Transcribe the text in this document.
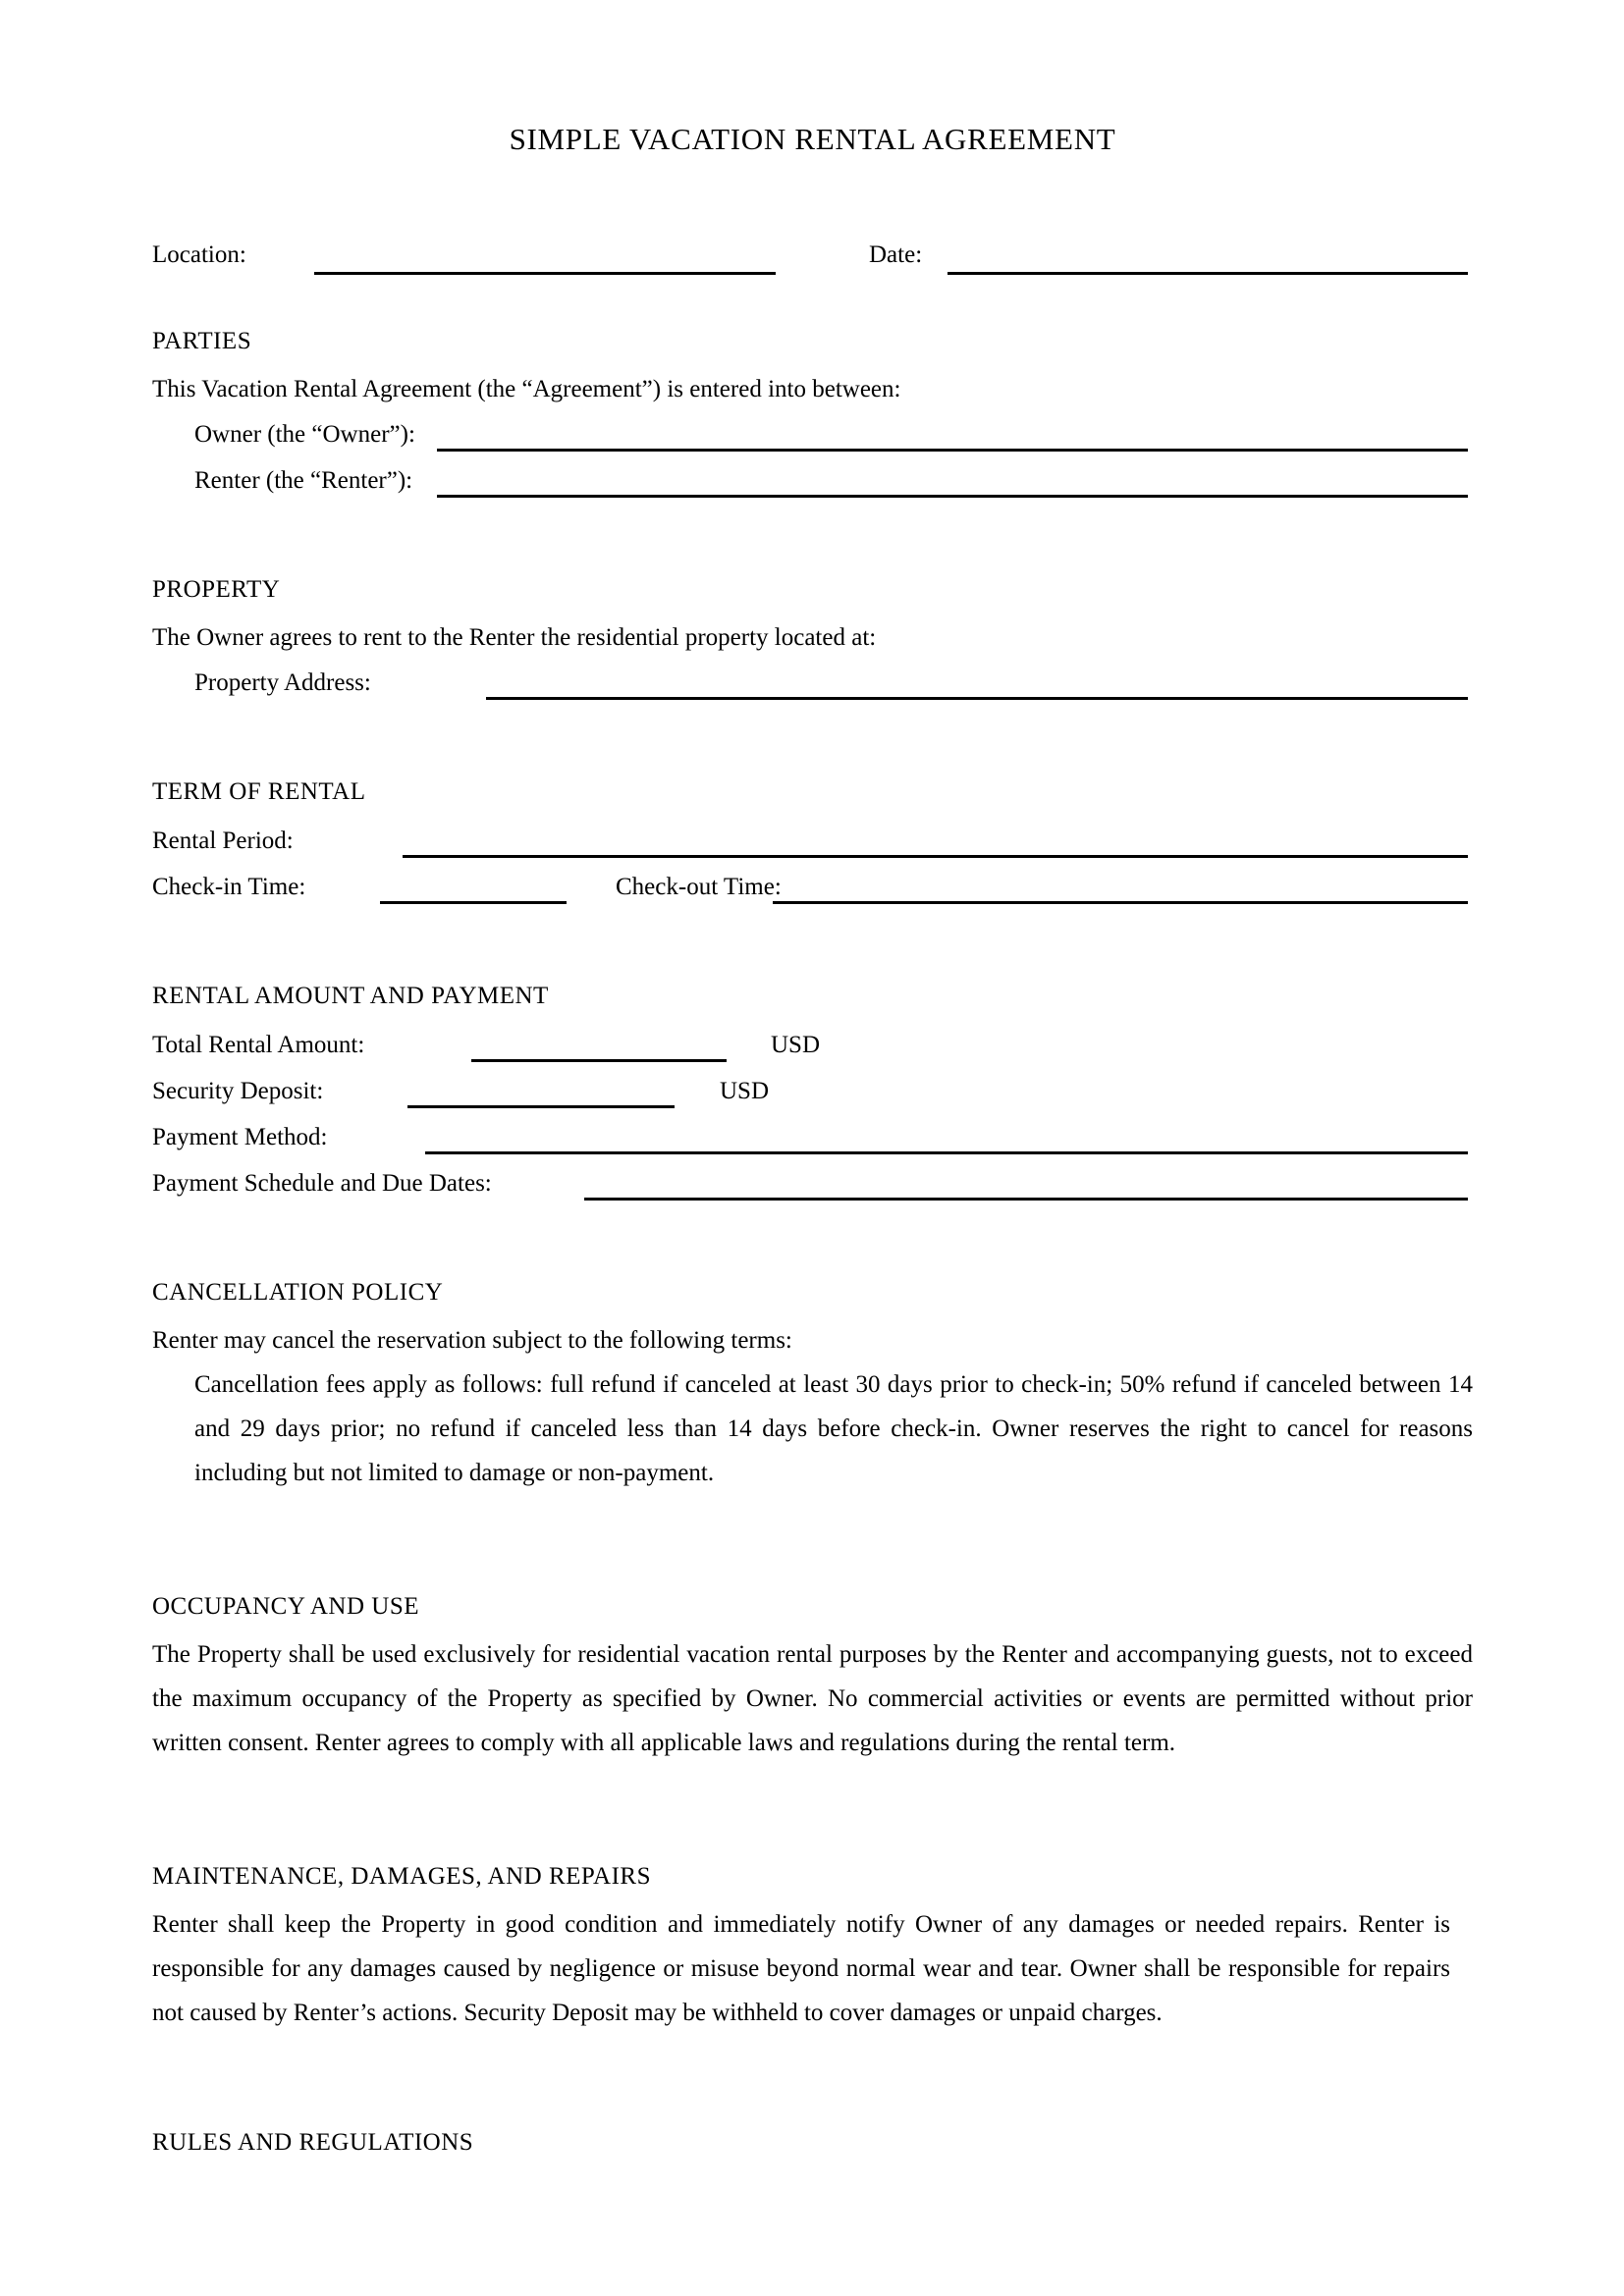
SIMPLE VACATION RENTAL AGREEMENT
Location:	Date:
PARTIES

This Vacation Rental Agreement (the “Agreement”) is entered into between:

Owner (the “Owner”):
Renter (the “Renter”):
PROPERTY

The Owner agrees to rent to the Renter the residential property located at:

Property Address:
TERM OF RENTAL
Rental Period:
Check-in Time:	Check-out Time:
RENTAL AMOUNT AND PAYMENT
Total Rental Amount:	USD
Security Deposit:	USD
Payment Method:
Payment Schedule and Due Dates:
CANCELLATION POLICY

Renter may cancel the reservation subject to the following terms:

Cancellation fees apply as follows: full refund if canceled at least 30 days prior to check-in; 50% refund if canceled between 14 and 29 days prior; no refund if canceled less than 14 days before check-in. Owner reserves the right to cancel for reasons including but not limited to damage or non-payment.

OCCUPANCY AND USE

The Property shall be used exclusively for residential vacation rental purposes by the Renter and accompanying guests, not to exceed the maximum occupancy of the Property as specified by Owner. No commercial activities or events are permitted without prior written consent. Renter agrees to comply with all applicable laws and regulations during the rental term.

MAINTENANCE, DAMAGES, AND REPAIRS

Renter shall keep the Property in good condition and immediately notify Owner of any damages or needed repairs. Renter is responsible for any damages caused by negligence or misuse beyond normal wear and tear. Owner shall be responsible for repairs not caused by Renter’s actions. Security Deposit may be withheld to cover damages or unpaid charges.

RULES AND REGULATIONS
